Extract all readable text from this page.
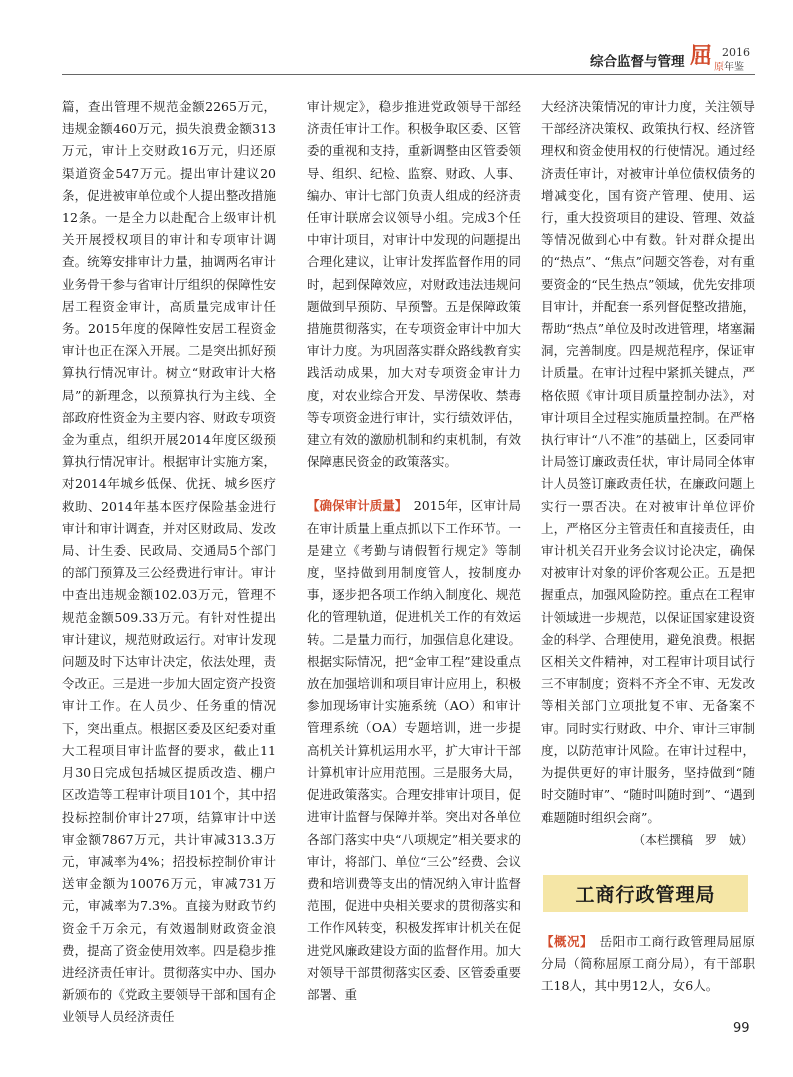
综合监督与管理 屈 2016
原年鉴

篇，查出管理不规范金额2265万元，违规金额460万元，损失浪费金额313万元，审计上交财政16万元，归还原渠道资金547万元。提出审计建议20条，促进被审单位或个人提出整改措施12条。一是全力以赴配合上级审计机关开展授权项目的审计和专项审计调查。统筹安排审计力量，抽调两名审计业务骨干参与省审计厅组织的保障性安居工程资金审计，高质量完成审计任务。2015年度的保障性安居工程资金审计也正在深入开展。二是突出抓好预算执行情况审计。树立“财政审计大格局”的新理念，以预算执行为主线、全部政府性资金为主要内容、财政专项资金为重点，组织开展2014年度区级预算执行情况审计。根据审计实施方案，对2014年城乡低保、优抚、城乡医疗救助、2014年基本医疗保险基金进行审计和审计调查，并对区财政局、发改局、计生委、民政局、交通局5个部门的部门预算及三公经费进行审计。审计中查出违规金额102.03万元，管理不规范金额509.33万元。有针对性提出审计建议，规范财政运行。对审计发现问题及时下达审计决定，依法处理，责令改正。三是进一步加大固定资产投资审计工作。在人员少、任务重的情况下，突出重点。根据区委及区纪委对重大工程项目审计监督的要求，截止11月30日完成包括城区提质改造、棚户区改造等工程审计项目101个，其中招投标控制价审计27项，结算审计中送审金额7867万元，共计审减313.3万元，审减率为4%；招投标控制价审计送审金额为10076万元，审减731万元，审减率为7.3%。直接为财政节约资金千万余元，有效遏制财政资金浪费，提高了资金使用效率。四是稳步推进经济责任审计。贯彻落实中办、国办新颁布的《党政主要领导干部和国有企业领导人员经济责任

审计规定》，稳步推进党政领导干部经济责任审计工作。积极争取区委、区管委的重视和支持，重新调整由区管委领导、组织、纪检、监察、财政、人事、编办、审计七部门负责人组成的经济责任审计联席会议领导小组。完成3个任中审计项目，对审计中发现的问题提出合理化建议，让审计发挥监督作用的同时，起到保障效应，对财政违法违规问题做到早预防、早预警。五是保障政策措施贯彻落实，在专项资金审计中加大审计力度。为巩固落实群众路线教育实践活动成果，加大对专项资金审计力度，对农业综合开发、旱涝保收、禁毒等专项资金进行审计，实行绩效评估，建立有效的激励机制和约束机制，有效保障惠民资金的政策落实。

【确保审计质量】　 2015年，区审计局在审计质量上重点抓以下工作环节。一是建立《考勤与请假暂行规定》等制度，坚持做到用制度管人，按制度办事，逐步把各项工作纳入制度化、规范化的管理轨道，促进机关工作的有效运转。二是量力而行，加强信息化建设。根据实际情况，把“金审工程”建设重点放在加强培训和项目审计应用上，积极参加现场审计实施系统（AO）和审计管理系统（OA）专题培训，进一步提高机关计算机运用水平，扩大审计干部计算机审计应用范围。三是服务大局，促进政策落实。合理安排审计项目，促进审计监督与保障并举。突出对各单位各部门落实中央“八项规定”相关要求的审计，将部门、单位“三公”经费、会议费和培训费等支出的情况纳入审计监督范围，促进中央相关要求的贯彻落实和工作作风转变，积极发挥审计机关在促进党风廉政建设方面的监督作用。加大对领导干部贯彻落实区委、区管委重要部署、重

大经济决策情况的审计力度，关注领导干部经济决策权、政策执行权、经济管理权和资金使用权的行使情况。通过经济责任审计，对被审计单位债权债务的增减变化，国有资产管理、使用、运行，重大投资项目的建设、管理、效益等情况做到心中有数。针对群众提出的“热点”、“焦点”问题交答卷，对有重要资金的“民生热点”领域，优先安排项目审计，并配套一系列督促整改措施，帮助“热点”单位及时改进管理，堵塞漏洞，完善制度。四是规范程序，保证审计质量。在审计过程中紧抓关键点，严格依照《审计项目质量控制办法》，对审计项目全过程实施质量控制。在严格执行审计“八不准”的基础上，区委同审计局签订廉政责任状，审计局同全体审计人员签订廉政责任状，在廉政问题上实行一票否决。在对被审计单位评价上，严格区分主管责任和直接责任，由审计机关召开业务会议讨论决定，确保对被审计对象的评价客观公正。五是把握重点，加强风险防控。重点在工程审计领域进一步规范，以保证国家建设资金的科学、合理使用，避免浪费。根据区相关文件精神，对工程审计项目试行三不审制度；资料不齐全不审、无发改等相关部门立项批复不审、无备案不审。同时实行财政、中介、审计三审制度，以防范审计风险。在审计过程中，为提供更好的审计服务，坚持做到“随时交随时审”、“随时叫随时到”、“遇到难题随时组织会商”。

（本栏撰稿　罗　娀）

工商行政管理局

【概况】　 岳阳市工商行政管理局屈原分局（简称屈原工商分局），有干部职工18人，其中男12人，女6人。

99
